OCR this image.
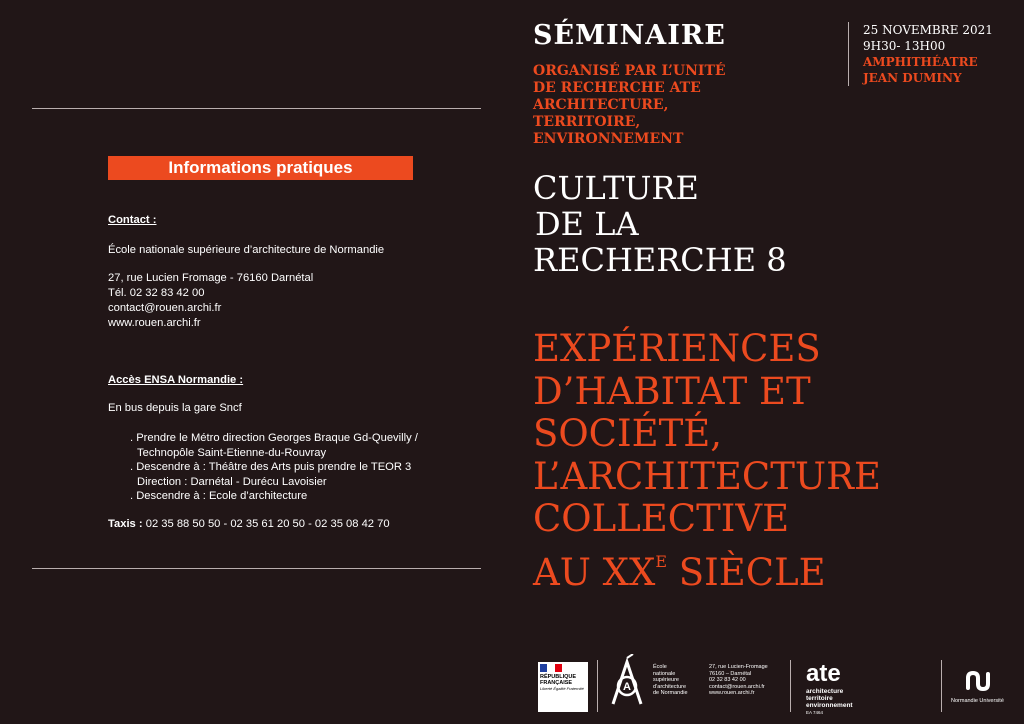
Informations pratiques
Contact :
École nationale supérieure d’architecture de Normandie
27, rue Lucien Fromage - 76160 Darnétal
Tél. 02 32 83 42 00
contact@rouen.archi.fr
www.rouen.archi.fr
Accès ENSA Normandie :
En bus depuis la gare Sncf
. Prendre le Métro direction Georges Braque Gd-Quevilly /
Technopôle Saint-Etienne-du-Rouvray
. Descendre à : Théâtre des Arts puis prendre le TEOR 3
Direction : Darnétal - Durécu Lavoisier
. Descendre à : Ecole d’architecture
Taxis : 02 35 88 50 50 - 02 35 61 20 50 - 02 35 08 42 70
SÉMINAIRE
ORGANISÉ PAR L’UNITÉ
DE RECHERCHE ATE
ARCHITECTURE,
TERRITOIRE,
ENVIRONNEMENT
CULTURE
DE LA
RECHERCHE 8
EXPÉRIENCES
D’HABITAT ET
SOCIÉTÉ,
L’ARCHITECTURE
COLLECTIVE
AU $XX^E$ SIÈCLE
25 NOVEMBRE 2021
9H30- 13H00
AMPHITHÉATRE
JEAN DUMINY
RÉPUBLIQUE
FRANÇAISE
Liberté Égalité Fraternité	A
École
nationale
supérieure
d’architecture
de Normandie
27, rue Lucien-Fromage
76160 – Darnétal
02 32 83 42 00
contact@rouen.archi.fr
www.rouen.archi.fr
ate
architecture
territoire
environnement
EA 7464
Normandie Université
